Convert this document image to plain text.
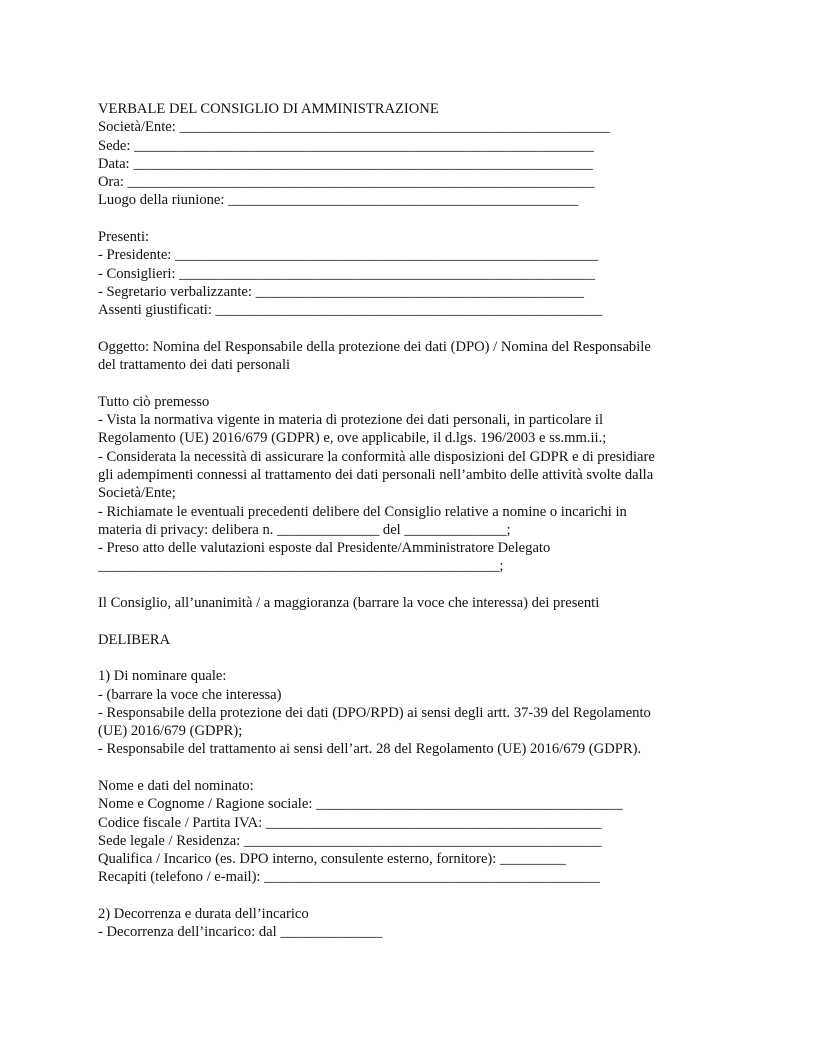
VERBALE DEL CONSIGLIO DI AMMINISTRAZIONE
Società/Ente: ___________________________________________________________
Sede: _______________________________________________________________
Data: _______________________________________________________________
Ora: ________________________________________________________________
Luogo della riunione: ________________________________________________
Presenti:
- Presidente: __________________________________________________________
- Consiglieri: _________________________________________________________
- Segretario verbalizzante: _____________________________________________
Assenti giustificati: _____________________________________________________
Oggetto: Nomina del Responsabile della protezione dei dati (DPO) / Nomina del Responsabile
del trattamento dei dati personali
Tutto ciò premesso
- Vista la normativa vigente in materia di protezione dei dati personali, in particolare il
Regolamento (UE) 2016/679 (GDPR) e, ove applicabile, il d.lgs. 196/2003 e ss.mm.ii.;
- Considerata la necessità di assicurare la conformità alle disposizioni del GDPR e di presidiare
gli adempimenti connessi al trattamento dei dati personali nell’ambito delle attività svolte dalla
Società/Ente;
- Richiamate le eventuali precedenti delibere del Consiglio relative a nomine o incarichi in
materia di privacy: delibera n. ______________ del ______________;
- Preso atto delle valutazioni esposte dal Presidente/Amministratore Delegato
_______________________________________________________;
Il Consiglio, all’unanimità / a maggioranza (barrare la voce che interessa) dei presenti
DELIBERA
1) Di nominare quale:
- (barrare la voce che interessa)
- Responsabile della protezione dei dati (DPO/RPD) ai sensi degli artt. 37-39 del Regolamento
(UE) 2016/679 (GDPR);
- Responsabile del trattamento ai sensi dell’art. 28 del Regolamento (UE) 2016/679 (GDPR).
Nome e dati del nominato:
Nome e Cognome / Ragione sociale: __________________________________________
Codice fiscale / Partita IVA: ______________________________________________
Sede legale / Residenza: _________________________________________________
Qualifica / Incarico (es. DPO interno, consulente esterno, fornitore): _________
Recapiti (telefono / e-mail): ______________________________________________
2) Decorrenza e durata dell’incarico
- Decorrenza dell’incarico: dal ______________
